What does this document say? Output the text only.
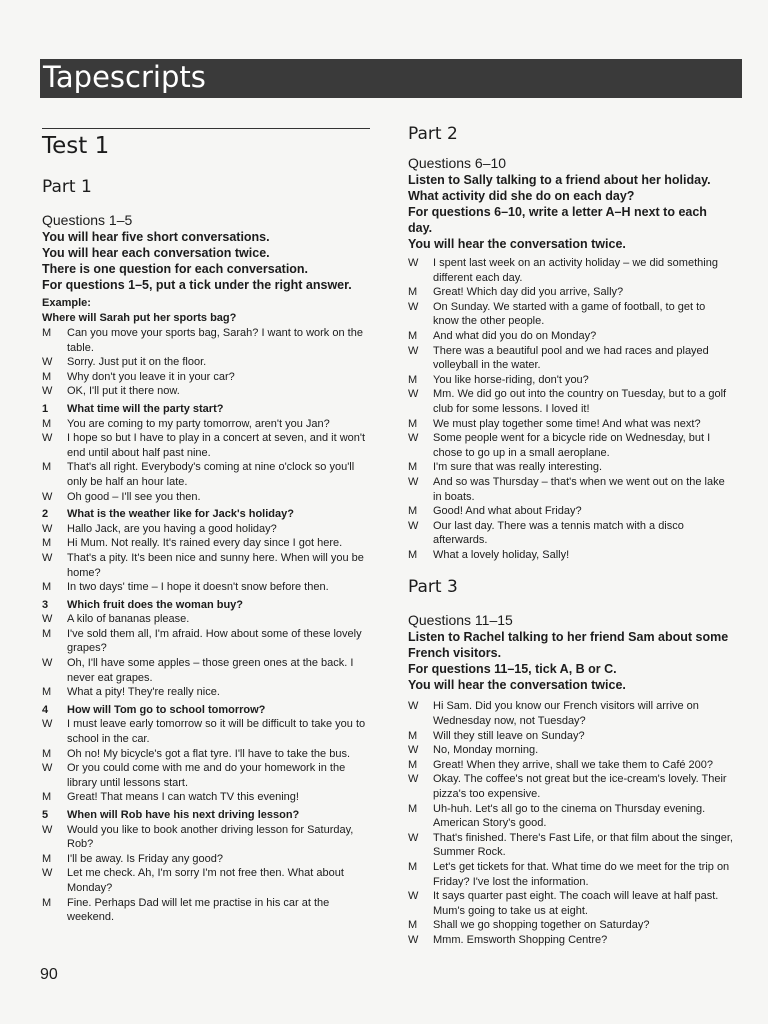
Tapescripts
Test 1
Part 1
Questions 1–5
You will hear five short conversations.
You will hear each conversation twice.
There is one question for each conversation.
For questions 1–5, put a tick under the right answer.
Example:
Where will Sarah put her sports bag?
M	Can you move your sports bag, Sarah? I want to work on the table.
W	Sorry. Just put it on the floor.
M	Why don't you leave it in your car?
W	OK, I'll put it there now.
1	What time will the party start?
M	You are coming to my party tomorrow, aren't you Jan?
W	I hope so but I have to play in a concert at seven, and it won't end until about half past nine.
M	That's all right. Everybody's coming at nine o'clock so you'll only be half an hour late.
W	Oh good – I'll see you then.
2	What is the weather like for Jack's holiday?
W	Hallo Jack, are you having a good holiday?
M	Hi Mum. Not really. It's rained every day since I got here.
W	That's a pity. It's been nice and sunny here. When will you be home?
M	In two days' time – I hope it doesn't snow before then.
3	Which fruit does the woman buy?
W	A kilo of bananas please.
M	I've sold them all, I'm afraid. How about some of these lovely grapes?
W	Oh, I'll have some apples – those green ones at the back. I never eat grapes.
M	What a pity! They're really nice.
4	How will Tom go to school tomorrow?
W	I must leave early tomorrow so it will be difficult to take you to school in the car.
M	Oh no! My bicycle's got a flat tyre. I'll have to take the bus.
W	Or you could come with me and do your homework in the library until lessons start.
M	Great! That means I can watch TV this evening!
5	When will Rob have his next driving lesson?
W	Would you like to book another driving lesson for Saturday, Rob?
M	I'll be away. Is Friday any good?
W	Let me check. Ah, I'm sorry I'm not free then. What about Monday?
M	Fine. Perhaps Dad will let me practise in his car at the weekend.
Part 2
Questions 6–10
Listen to Sally talking to a friend about her holiday.
What activity did she do on each day?
For questions 6–10, write a letter A–H next to each day.
You will hear the conversation twice.
W	I spent last week on an activity holiday – we did something different each day.
M	Great! Which day did you arrive, Sally?
W	On Sunday. We started with a game of football, to get to know the other people.
M	And what did you do on Monday?
W	There was a beautiful pool and we had races and played volleyball in the water.
M	You like horse-riding, don't you?
W	Mm. We did go out into the country on Tuesday, but to a golf club for some lessons. I loved it!
M	We must play together some time! And what was next?
W	Some people went for a bicycle ride on Wednesday, but I chose to go up in a small aeroplane.
M	I'm sure that was really interesting.
W	And so was Thursday – that's when we went out on the lake in boats.
M	Good! And what about Friday?
W	Our last day. There was a tennis match with a disco afterwards.
M	What a lovely holiday, Sally!
Part 3
Questions 11–15
Listen to Rachel talking to her friend Sam about some French visitors.
For questions 11–15, tick A, B or C.
You will hear the conversation twice.
W	Hi Sam. Did you know our French visitors will arrive on Wednesday now, not Tuesday?
M	Will they still leave on Sunday?
W	No, Monday morning.
M	Great! When they arrive, shall we take them to Café 200?
W	Okay. The coffee's not great but the ice-cream's lovely. Their pizza's too expensive.
M	Uh-huh. Let's all go to the cinema on Thursday evening. American Story's good.
W	That's finished. There's Fast Life, or that film about the singer, Summer Rock.
M	Let's get tickets for that. What time do we meet for the trip on Friday? I've lost the information.
W	It says quarter past eight. The coach will leave at half past. Mum's going to take us at eight.
M	Shall we go shopping together on Saturday?
W	Mmm. Emsworth Shopping Centre?
90
